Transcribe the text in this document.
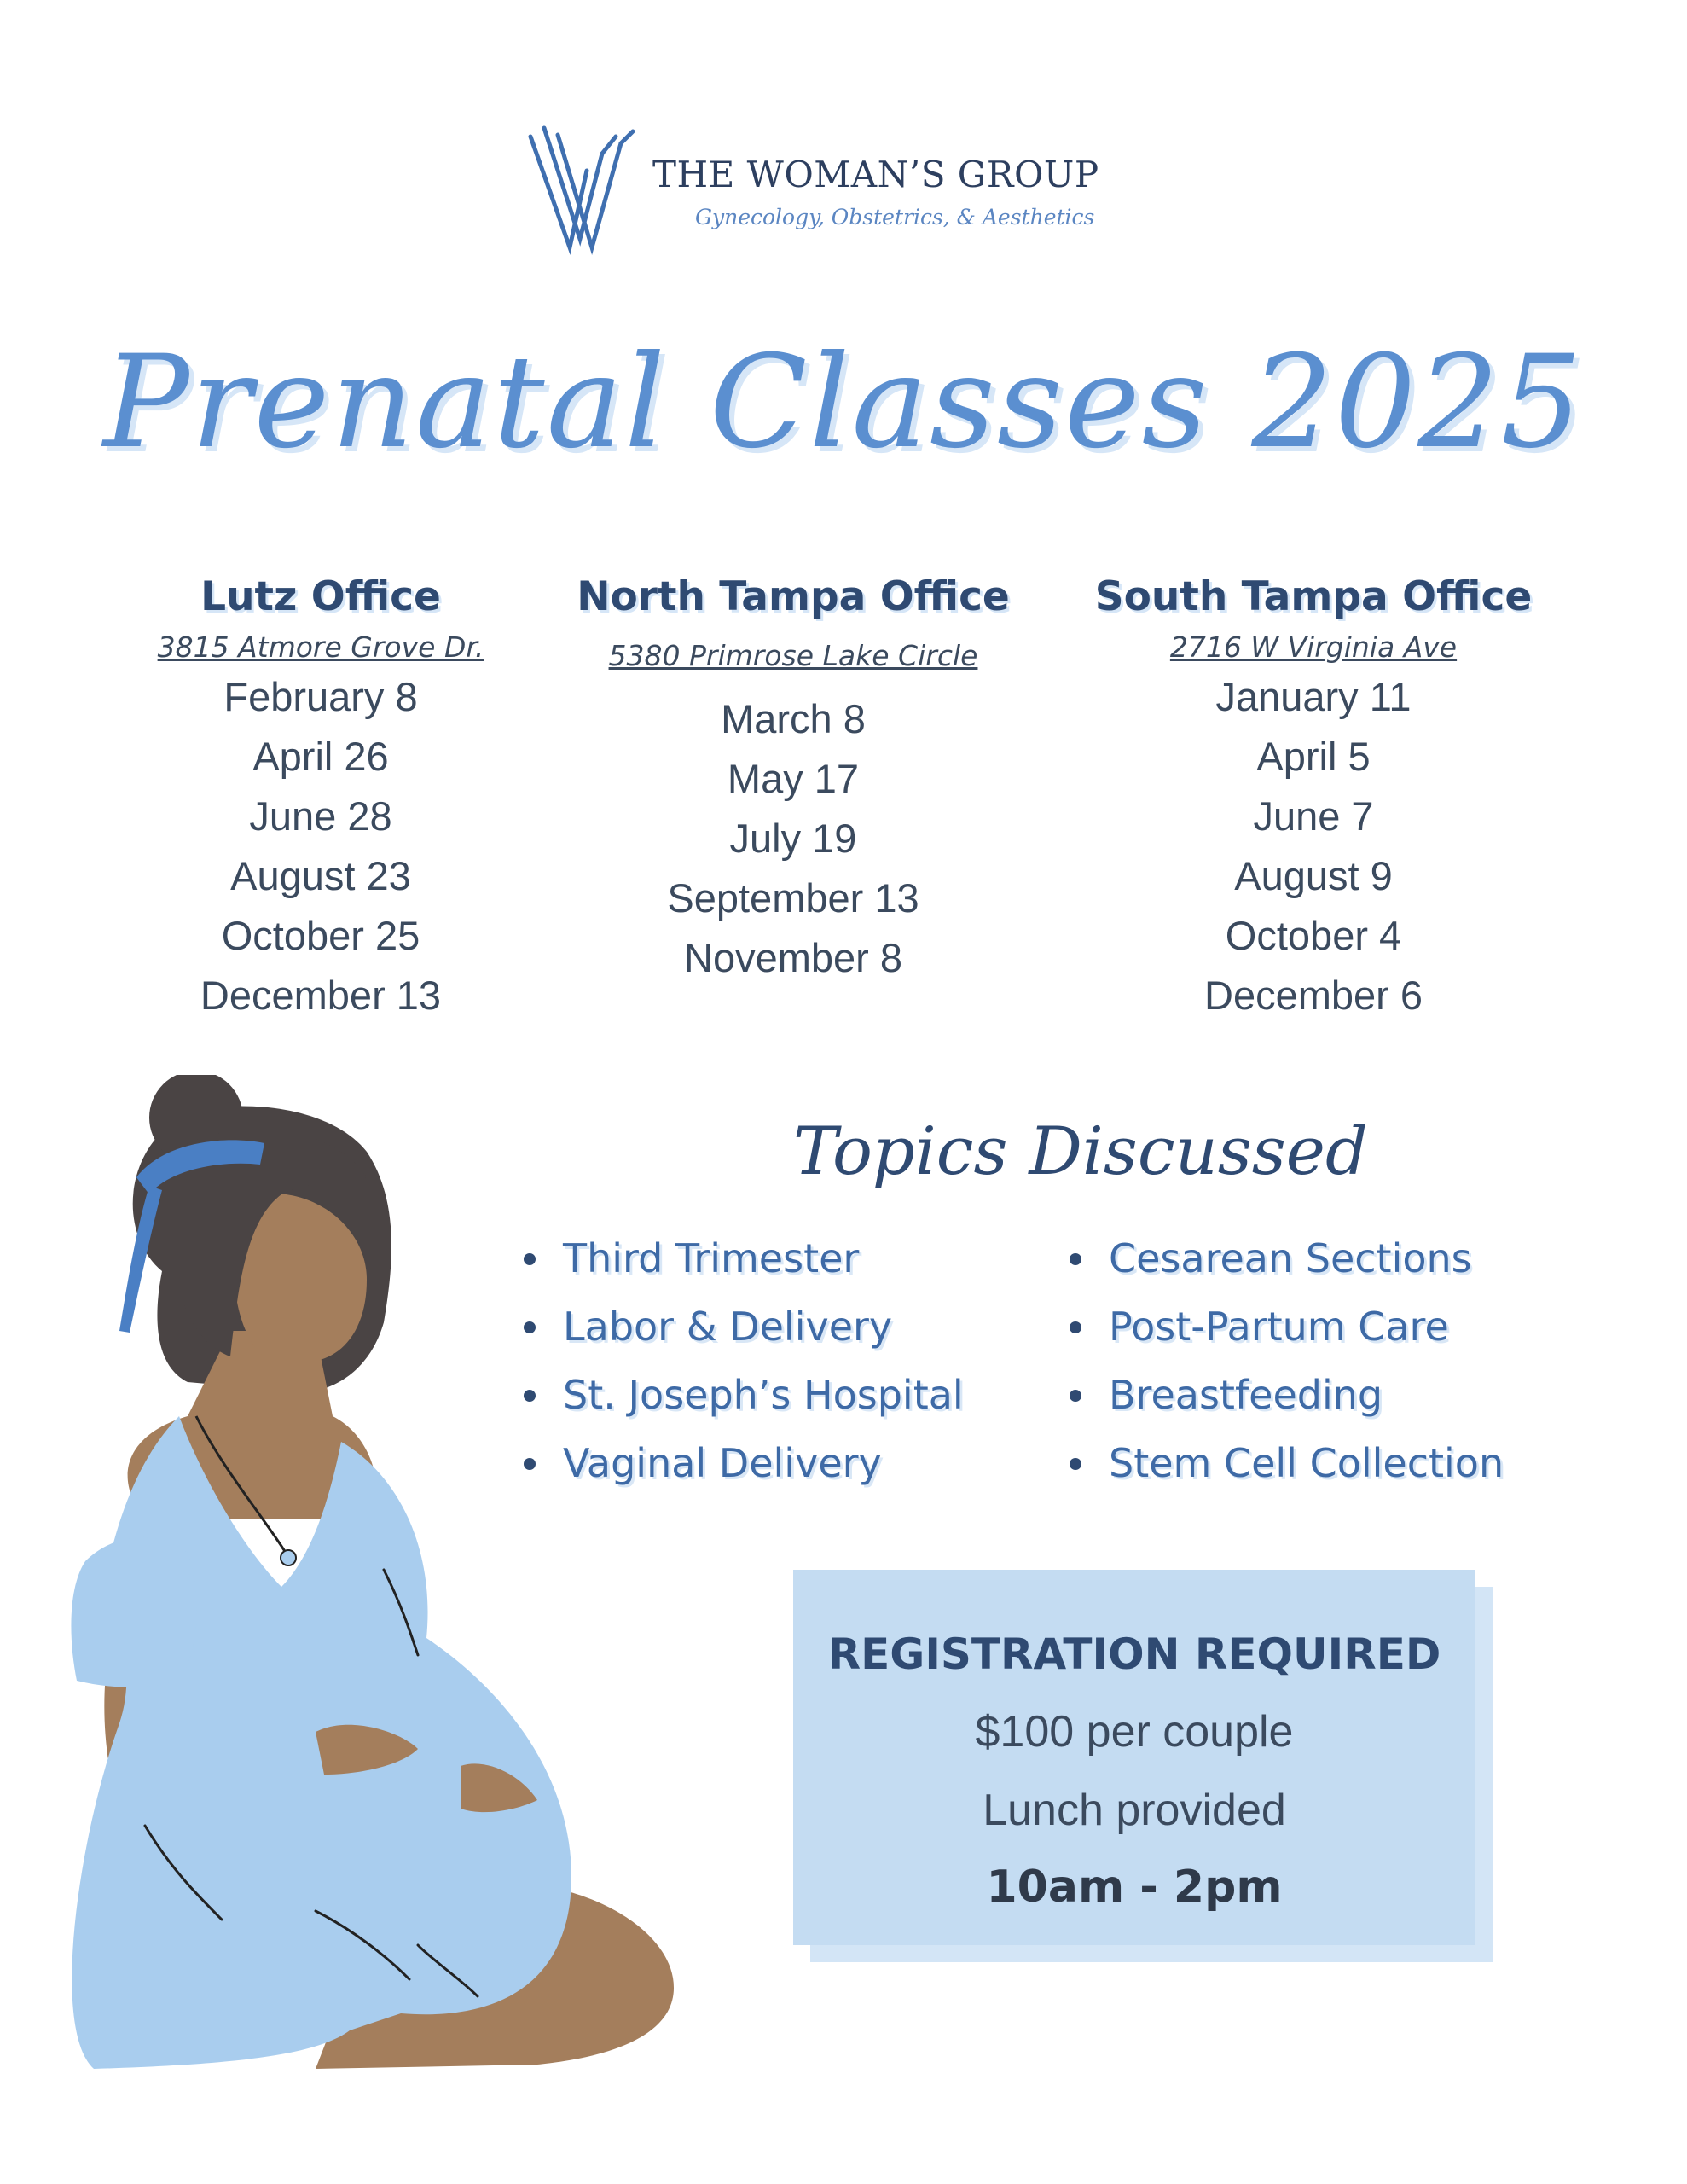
THE WOMAN’S GROUP
Gynecology, Obstetrics, & Aesthetics
Prenatal Classes 2025
Lutz Office
3815 Atmore Grove Dr.
February 8
April 26
June 28
August 23
October 25
December 13
North Tampa Office
5380 Primrose Lake Circle
March 8
May 17
July 19
September 13
November 8
South Tampa Office
2716 W Virginia Ave
January 11
April 5
June 7
August 9
October 4
December 6
Topics Discussed
Third Trimester
Labor & Delivery
St. Joseph’s Hospital
Vaginal Delivery
Cesarean Sections
Post-Partum Care
Breastfeeding
Stem Cell Collection
REGISTRATION REQUIRED
$100 per couple
Lunch provided
10am - 2pm
